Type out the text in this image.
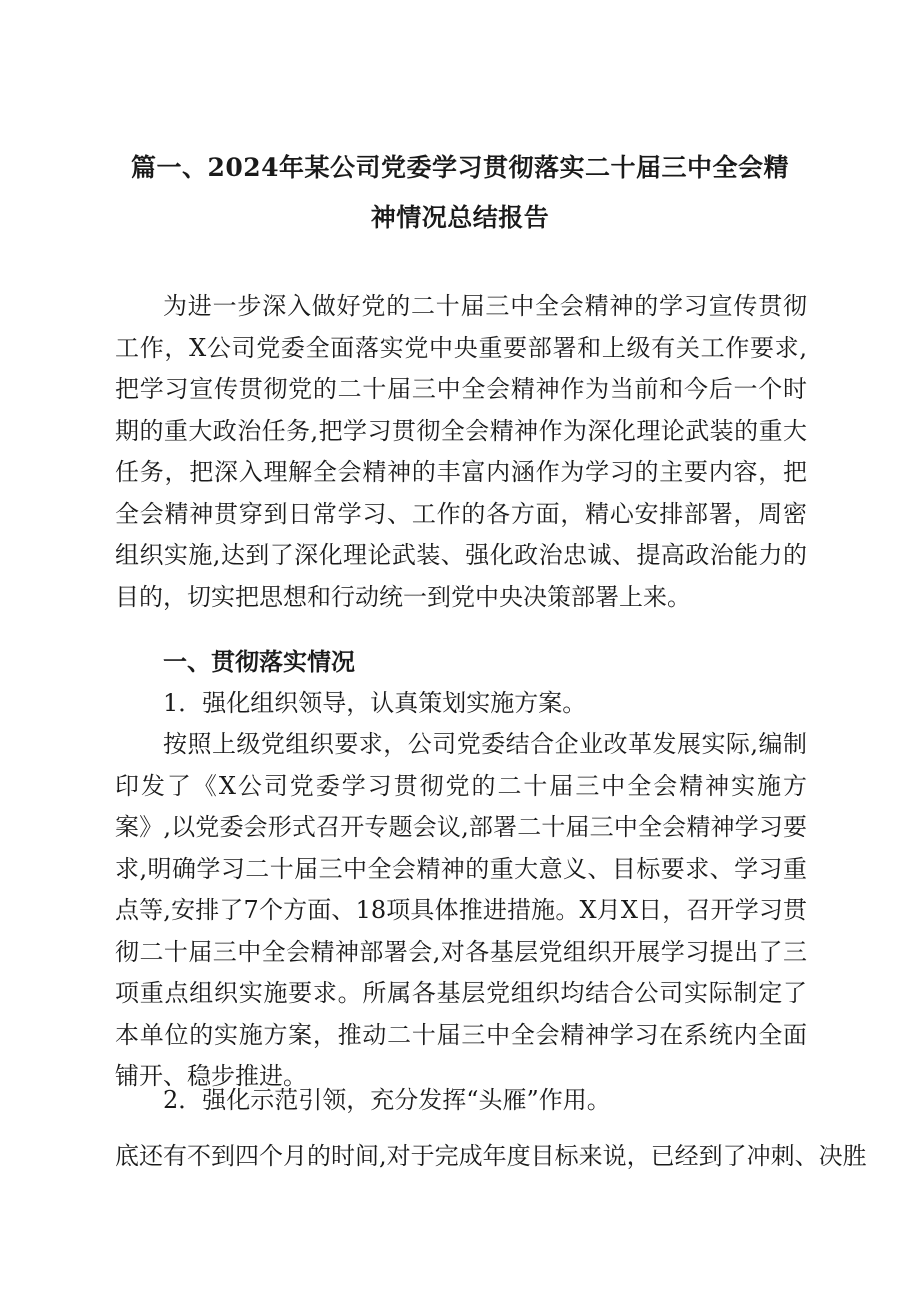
篇一、2024年某公司党委学习贯彻落实二十届三中全会精
神情况总结报告
为进一步深入做好党的二十届三中全会精神的学习宣传贯彻工作，X公司党委全面落实党中央重要部署和上级有关工作要求,把学习宣传贯彻党的二十届三中全会精神作为当前和今后一个时期的重大政治任务,把学习贯彻全会精神作为深化理论武装的重大任务，把深入理解全会精神的丰富内涵作为学习的主要内容，把全会精神贯穿到日常学习、工作的各方面，精心安排部署，周密组织实施,达到了深化理论武装、强化政治忠诚、提高政治能力的目的，切实把思想和行动统一到党中央决策部署上来。
一、贯彻落实情况
1．强化组织领导，认真策划实施方案。
按照上级党组织要求，公司党委结合企业改革发展实际,编制印发了《X公司党委学习贯彻党的二十届三中全会精神实施方案》,以党委会形式召开专题会议,部署二十届三中全会精神学习要求,明确学习二十届三中全会精神的重大意义、目标要求、学习重点等,安排了7个方面、18项具体推进措施。X月X日，召开学习贯彻二十届三中全会精神部署会,对各基层党组织开展学习提出了三项重点组织实施要求。所属各基层党组织均结合公司实际制定了本单位的实施方案，推动二十届三中全会精神学习在系统内全面铺开、稳步推进。
2．强化示范引领，充分发挥“头雁”作用。
底还有不到四个月的时间,对于完成年度目标来说，已经到了冲刺、决胜
